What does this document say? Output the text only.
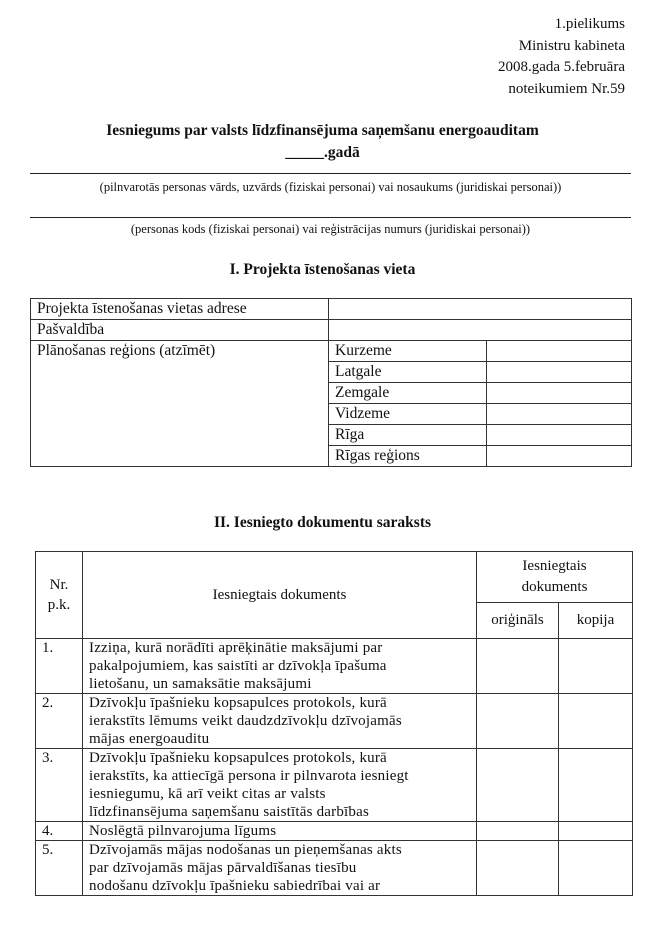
1.pielikums
Ministru kabineta
2008.gada 5.februāra
noteikumiem Nr.59
Iesniegums par valsts līdzfinansējuma saņemšanu energoauditam
_____.gadā
(pilnvarotās personas vārds, uzvārds (fiziskai personai) vai nosaukums (juridiskai personai))
(personas kods (fiziskai personai) vai reģistrācijas numurs (juridiskai personai))
I. Projekta īstenošanas vieta
Projekta īstenošanas vietas adrese		
Pašvaldība		
Plānošanas reģions (atzīmēt)	Kurzeme	
	Latgale	
	Zemgale	
	Vidzeme	
	Rīga	
	Rīgas reģions	
II. Iesniegto dokumentu saraksts
Nr. p.k.	Iesniegtais dokuments	Iesniegtais dokuments	
		oriģināls	kopija
1.	Izziņa, kurā norādīti aprēķinātie maksājumi par
pakalpojumiem, kas saistīti ar dzīvokļa īpašuma
lietošanu, un samaksātie maksājumi		

2.	Dzīvokļu īpašnieku kopsapulces protokols, kurā
ierakstīts lēmums veikt daudzdzīvokļu dzīvojamās
mājas energoauditu		

3.	Dzīvokļu īpašnieku kopsapulces protokols, kurā
ierakstīts, ka attiecīgā persona ir pilnvarota iesniegt
iesniegumu, kā arī veikt citas ar valsts
līdzfinansējuma saņemšanu saistītās darbības		

4.	Noslēgtā pilnvarojuma līgums		

5.	Dzīvojamās mājas nodošanas un pieņemšanas akts
par dzīvojamās mājas pārvaldīšanas tiesību
nodošanu dzīvokļu īpašnieku sabiedrībai vai ar		
